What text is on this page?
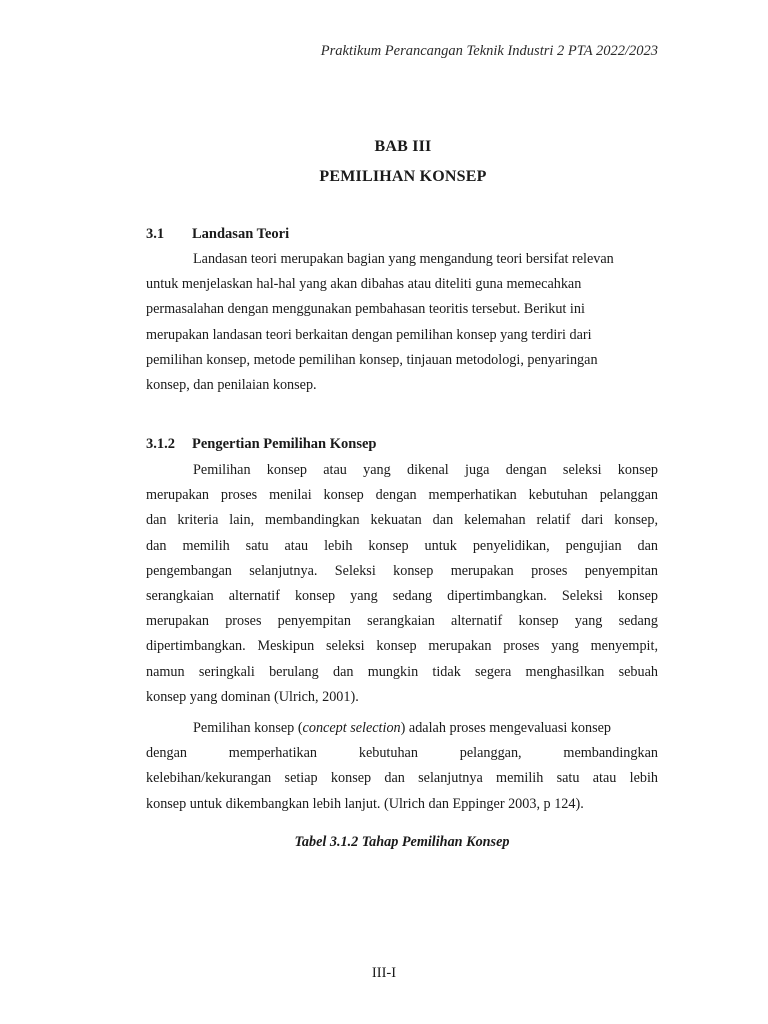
Praktikum Perancangan Teknik Industri 2 PTA 2022/2023
BAB III
PEMILIHAN KONSEP
3.1 Landasan Teori
Landasan teori merupakan bagian yang mengandung teori bersifat relevan
untuk menjelaskan hal-hal yang akan dibahas atau diteliti guna memecahkan
permasalahan dengan menggunakan pembahasan teoritis tersebut. Berikut ini
merupakan landasan teori berkaitan dengan pemilihan konsep yang terdiri dari
pemilihan konsep, metode pemilihan konsep, tinjauan metodologi, penyaringan
konsep, dan penilaian konsep.
3.1.2 Pengertian Pemilihan Konsep
Pemilihan konsep atau yang dikenal juga dengan seleksi konsep
merupakan proses menilai konsep dengan memperhatikan kebutuhan pelanggan
dan kriteria lain, membandingkan kekuatan dan kelemahan relatif dari konsep,
dan memilih satu atau lebih konsep untuk penyelidikan, pengujian dan
pengembangan selanjutnya. Seleksi konsep merupakan proses penyempitan
serangkaian alternatif konsep yang sedang dipertimbangkan. Seleksi konsep
merupakan proses penyempitan serangkaian alternatif konsep yang sedang
dipertimbangkan. Meskipun seleksi konsep merupakan proses yang menyempit,
namun seringkali berulang dan mungkin tidak segera menghasilkan sebuah
konsep yang dominan (Ulrich, 2001).
Pemilihan konsep (concept selection) adalah proses mengevaluasi konsep
dengan memperhatikan kebutuhan pelanggan, membandingkan
kelebihan/kekurangan setiap konsep dan selanjutnya memilih satu atau lebih
konsep untuk dikembangkan lebih lanjut. (Ulrich dan Eppinger 2003, p 124).
Tabel 3.1.2 Tahap Pemilihan Konsep
III-I
